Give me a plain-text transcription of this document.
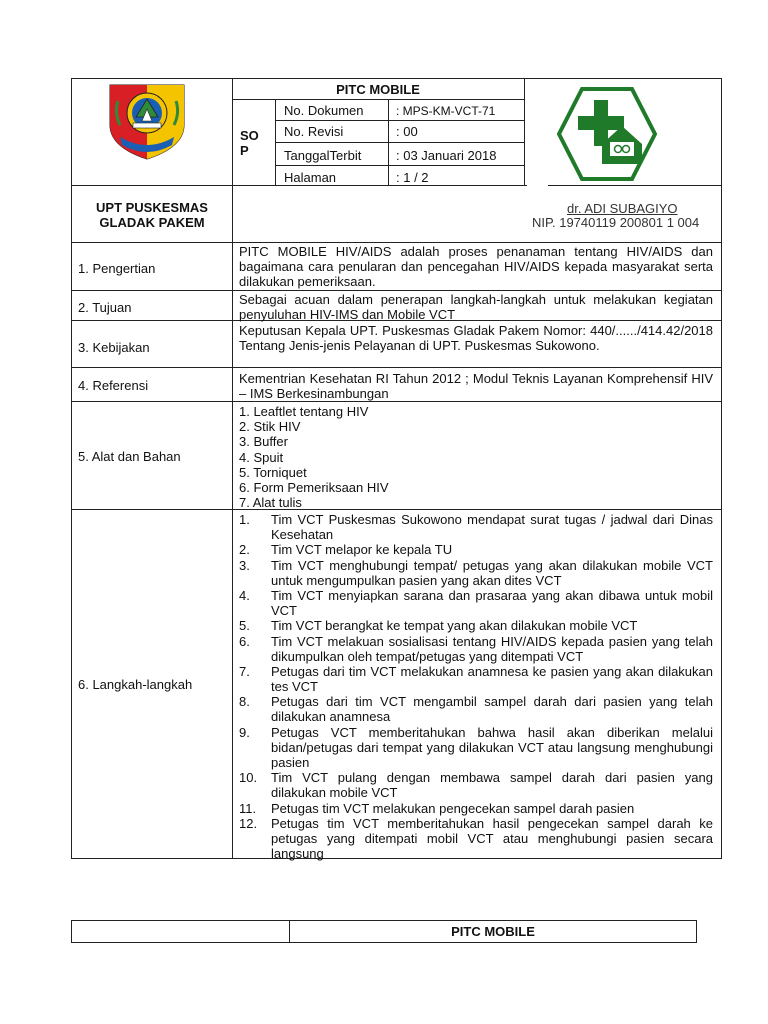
PITC MOBILE
SO
P
No. Dokumen	: MPS-KM-VCT-71
No. Revisi	: 00
TanggalTerbit	: 03 Januari 2018
Halaman	: 1 / 2
UPT PUSKESMAS
GLADAK PAKEM
dr. ADI SUBAGIYO
NIP. 19740119 200801 1 004
1. Pengertian
PITC MOBILE HIV/AIDS adalah proses penanaman tentang HIV/AIDS dan bagaimana cara penularan dan pencegahan HIV/AIDS kepada masyarakat serta dilakukan pemeriksaan.
2. Tujuan
Sebagai acuan dalam penerapan langkah-langkah untuk melakukan kegiatan penyuluhan HIV-IMS dan Mobile VCT
3. Kebijakan
Keputusan Kepala UPT. Puskesmas Gladak Pakem Nomor: 440/....../414.42/2018 Tentang Jenis-jenis Pelayanan di UPT. Puskesmas Sukowono.
4. Referensi	Kementrian Kesehatan RI Tahun 2012 ; Modul Teknis Layanan Komprehensif HIV – IMS Berkesinambungan
5. Alat dan Bahan
1. Leaftlet tentang HIV
2. Stik HIV
3. Buffer
4. Spuit
5. Torniquet
6. Form Pemeriksaan HIV
7. Alat tulis
6. Langkah-langkah
1. Tim VCT Puskesmas Sukowono mendapat surat tugas / jadwal dari Dinas Kesehatan
2. Tim VCT melapor ke kepala TU
3. Tim VCT menghubungi tempat/ petugas yang akan dilakukan mobile VCT untuk mengumpulkan pasien yang akan dites VCT
4. Tim VCT menyiapkan sarana dan prasaraa yang akan dibawa untuk mobil VCT
5. Tim VCT berangkat ke tempat yang akan dilakukan mobile VCT
6. Tim VCT melakuan sosialisasi tentang HIV/AIDS kepada pasien yang telah dikumpulkan oleh tempat/petugas yang ditempati VCT
7. Petugas dari tim VCT melakukan anamnesa ke pasien yang akan dilakukan tes VCT
8. Petugas dari tim VCT mengambil sampel darah dari pasien yang telah dilakukan anamnesa
9. Petugas VCT memberitahukan bahwa hasil akan diberikan melalui bidan/petugas dari tempat yang dilakukan VCT atau langsung menghubungi pasien
10. Tim VCT pulang dengan membawa sampel darah dari pasien yang dilakukan mobile VCT
11. Petugas tim VCT melakukan pengecekan sampel darah pasien
12. Petugas tim VCT memberitahukan hasil pengecekan sampel darah ke petugas yang ditempati mobil VCT atau menghubungi pasien secara langsung
PITC MOBILE
